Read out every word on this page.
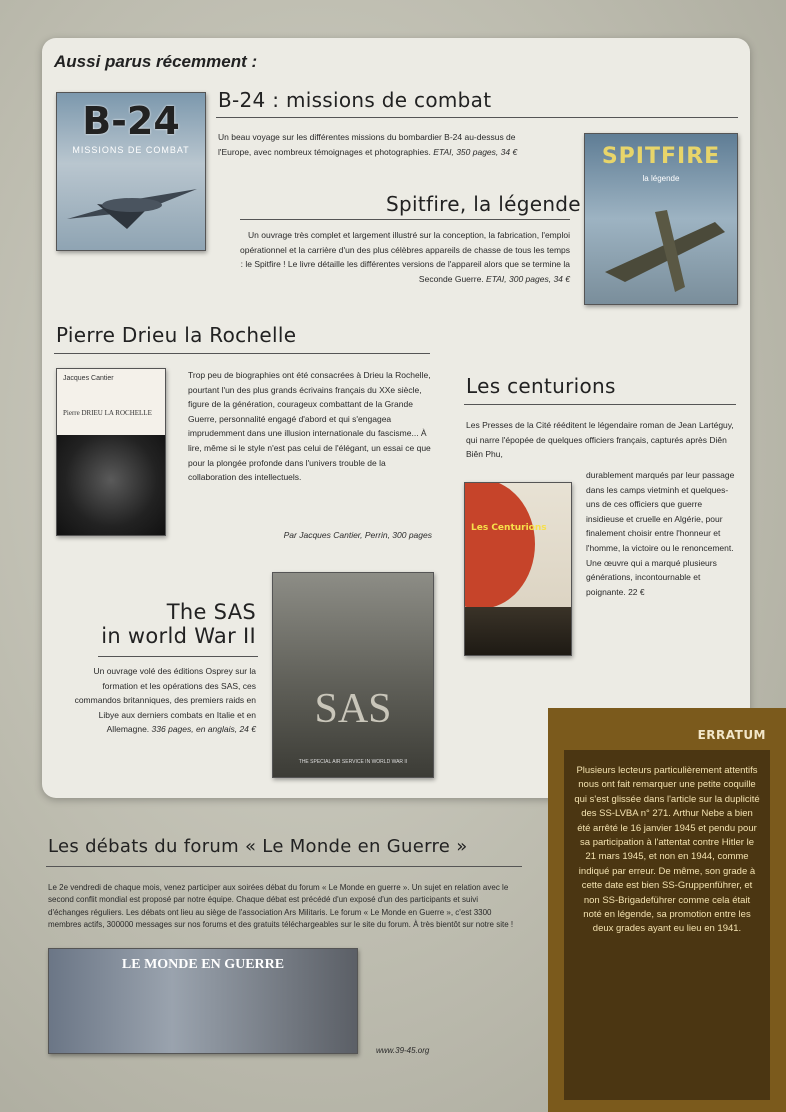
Aussi parus récemment :
B-24
MISSIONS DE COMBAT
B-24 : missions de combat
Un beau voyage sur les différentes missions du bombardier B-24 au-dessus de l'Europe, avec nombreux témoignages et photographies. ETAI, 350 pages, 34 €	SPITFIRE
la légende
Spitfire, la légende
Un ouvrage très complet et largement illustré sur la conception, la fabrication, l'emploi opérationnel et la carrière d'un des plus célèbres appareils de chasse de tous les temps : le Spitfire ! Le livre détaille les différentes versions de l'appareil alors que se termine la Seconde Guerre. ETAI, 300 pages, 34 €
Pierre Drieu la Rochelle
Jacques Cantier
Pierre DRIEU LA ROCHELLE
Trop peu de biographies ont été consacrées à Drieu la Rochelle, pourtant l'un des plus grands écrivains français du XXe siècle, figure de la génération, courageux combattant de la Grande Guerre, personnalité engagé d'abord et qui s'engagea imprudemment dans une illusion internationale du fascisme... À lire, même si le style n'est pas celui de l'élégant, un essai ce que pour la plongée profonde dans l'univers trouble de la collaboration des intellectuels.
Par Jacques Cantier, Perrin, 300 pages
Les centurions
Les Presses de la Cité rééditent le légendaire roman de Jean Lartéguy, qui narre l'épopée de quelques officiers français, capturés après Diên Biên Phu,
Les Centurions
durablement marqués par leur passage dans les camps vietminh et quelques-uns de ces officiers que guerre insidieuse et cruelle en Algérie, pour finalement choisir entre l'honneur et l'homme, la victoire ou le renoncement. Une œuvre qui a marqué plusieurs générations, incontournable et poignante. 22 €
The SAS
in world War II
Un ouvrage volé des éditions Osprey sur la formation et les opérations des SAS, ces commandos britanniques, des premiers raids en Libye aux derniers combats en Italie et en Allemagne. 336 pages, en anglais, 24 €	SAS
THE SPECIAL AIR SERVICE IN WORLD WAR II
Les débats du forum « Le Monde en Guerre »
Le 2e vendredi de chaque mois, venez participer aux soirées débat du forum « Le Monde en guerre ». Un sujet en relation avec le second conflit mondial est proposé par notre équipe. Chaque débat est précédé d'un exposé d'un des participants et suivi d'échanges réguliers. Les débats ont lieu au siège de l'association Ars Militaris. Le forum « Le Monde en Guerre », c'est 3300 membres actifs, 300000 messages sur nos forums et des gratuits téléchargeables sur le site du forum. À très bientôt sur notre site !
LE MONDE EN GUERRE
www.39-45.org
ERRATUM
Plusieurs lecteurs particulièrement attentifs nous ont fait remarquer une petite coquille qui s'est glissée dans l'article sur la duplicité des SS-LVBA n° 271. Arthur Nebe a bien été arrêté le 16 janvier 1945 et pendu pour sa participation à l'attentat contre Hitler le 21 mars 1945, et non en 1944, comme indiqué par erreur. De même, son grade à cette date est bien SS-Gruppenführer, et non SS-Brigadeführer comme cela était noté en légende, sa promotion entre les deux grades ayant eu lieu en 1941.
